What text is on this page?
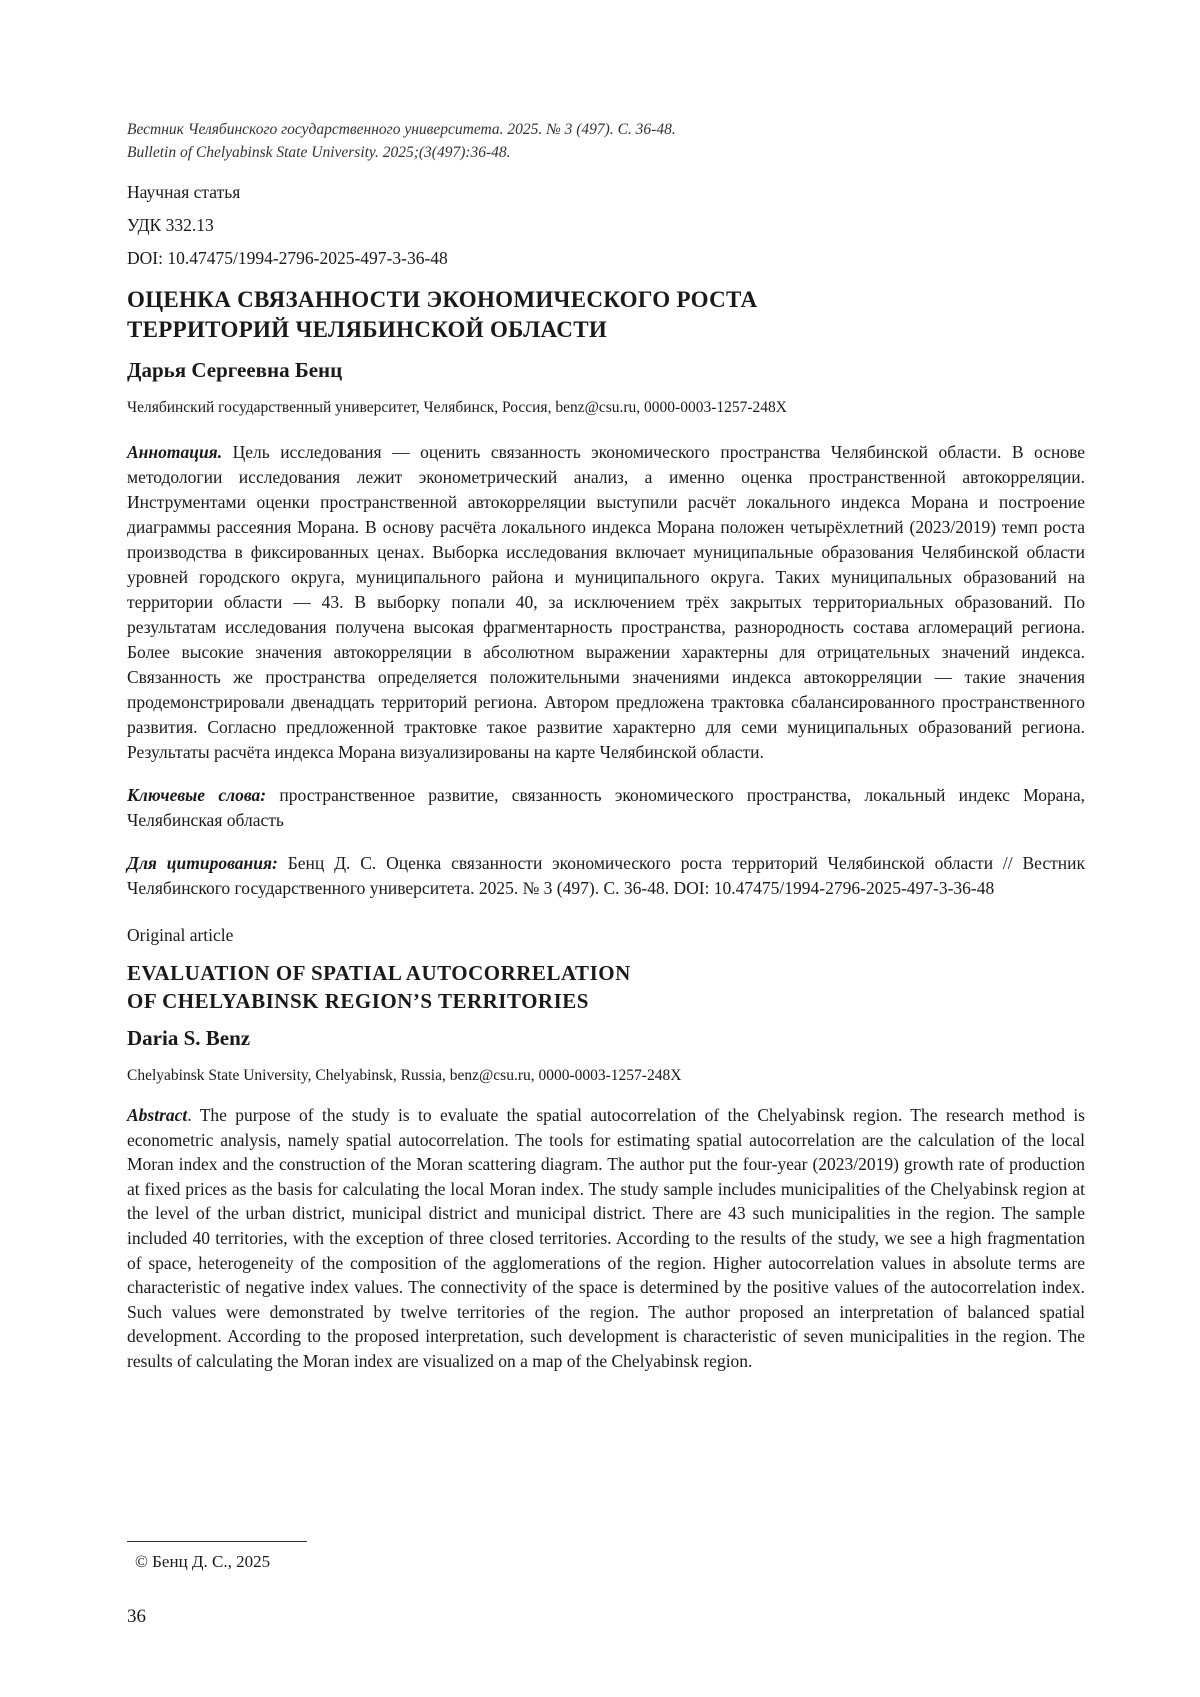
Вестник Челябинского государственного университета. 2025. № 3 (497). С. 36-48.
Bulletin of Chelyabinsk State University. 2025;(3(497):36-48.
Научная статья
УДК 332.13
DOI: 10.47475/1994-2796-2025-497-3-36-48
ОЦЕНКА СВЯЗАННОСТИ ЭКОНОМИЧЕСКОГО РОСТА
ТЕРРИТОРИЙ ЧЕЛЯБИНСКОЙ ОБЛАСТИ
Дарья Сергеевна Бенц
Челябинский государственный университет, Челябинск, Россия, benz@csu.ru, 0000-0003-1257-248X
Аннотация. Цель исследования — оценить связанность экономического пространства Челябинской области. В основе методологии исследования лежит эконометрический анализ, а именно оценка пространственной автокорреляции. Инструментами оценки пространственной автокорреляции выступили расчёт локального индекса Морана и построение диаграммы рассеяния Морана. В основу расчёта локального индекса Морана положен четырёхлетний (2023/2019) темп роста производства в фиксированных ценах. Выборка исследования включает муниципальные образования Челябинской области уровней городского округа, муниципального района и муниципального округа. Таких муниципальных образований на территории области — 43. В выборку попали 40, за исключением трёх закрытых территориальных образований. По результатам исследования получена высокая фрагментарность пространства, разнородность состава агломераций региона. Более высокие значения автокорреляции в абсолютном выражении характерны для отрицательных значений индекса. Связанность же пространства определяется положительными значениями индекса автокорреляции — такие значения продемонстрировали двенадцать территорий региона. Автором предложена трактовка сбалансированного пространственного развития. Согласно предложенной трактовке такое развитие характерно для семи муниципальных образований региона. Результаты расчёта индекса Морана визуализированы на карте Челябинской области.
Ключевые слова: пространственное развитие, связанность экономического пространства, локальный индекс Морана, Челябинская область
Для цитирования: Бенц Д. С. Оценка связанности экономического роста территорий Челябинской области // Вестник Челябинского государственного университета. 2025. № 3 (497). С. 36-48. DOI: 10.47475/1994-2796-2025-497-3-36-48
Original article
EVALUATION OF SPATIAL AUTOCORRELATION
OF CHELYABINSK REGION’S TERRITORIES
Daria S. Benz
Chelyabinsk State University, Chelyabinsk, Russia, benz@csu.ru, 0000-0003-1257-248X
Abstract. The purpose of the study is to evaluate the spatial autocorrelation of the Chelyabinsk region. The research method is econometric analysis, namely spatial autocorrelation. The tools for estimating spatial autocorrelation are the calculation of the local Moran index and the construction of the Moran scattering diagram. The author put the four-year (2023/2019) growth rate of production at fixed prices as the basis for calculating the local Moran index. The study sample includes municipalities of the Chelyabinsk region at the level of the urban district, municipal district and municipal district. There are 43 such municipalities in the region. The sample included 40 territories, with the exception of three closed territories. According to the results of the study, we see a high fragmentation of space, heterogeneity of the composition of the agglomerations of the region. Higher autocorrelation values in absolute terms are characteristic of negative index values. The connectivity of the space is determined by the positive values of the autocorrelation index. Such values were demonstrated by twelve territories of the region. The author proposed an interpretation of balanced spatial development. According to the proposed interpretation, such development is characteristic of seven municipalities in the region. The results of calculating the Moran index are visualized on a map of the Chelyabinsk region.
© Бенц Д. С., 2025
36
